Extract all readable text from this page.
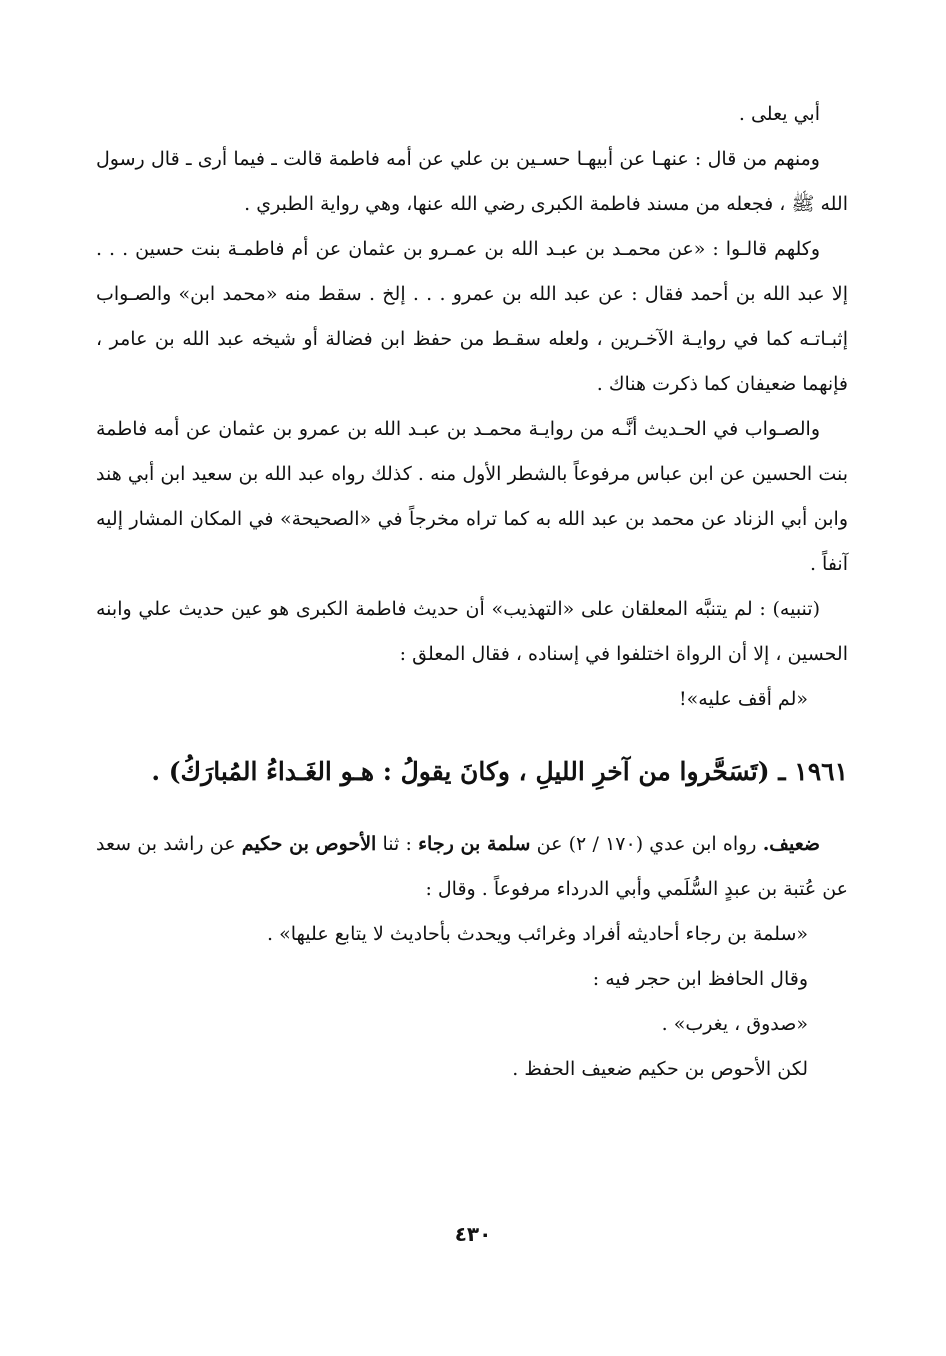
أبي يعلى .

ومنهم من قال : عنهـا عن أبيهـا حسـين بن علي عن أمه فاطمة قالت ـ فيما أرى ـ قال رسول الله ﷺ ، فجعله من مسند فاطمة الكبرى رضي الله عنها، وهي رواية الطبري .

وكلهم قالـوا : «عن محمـد بن عبـد الله بن عمـرو بن عثمان عن أم فاطمـة بنت حسين . . . إلا عبد الله بن أحمد فقال : عن عبد الله بن عمرو . . . إلخ . سقط منه «محمد ابن» والصـواب إثبـاتـه كما في روايـة الآخـرين ، ولعله سقـط من حفظ ابن فضالة أو شيخه عبد الله بن عامر ، فإنهما ضعيفان كما ذكرت هناك .

والصـواب في الحـديث أنَّـه من روايـة محمـد بن عبـد الله بن عمرو بن عثمان عن أمه فاطمة بنت الحسين عن ابن عباس مرفوعاً بالشطر الأول منه . كذلك رواه عبد الله بن سعيد ابن أبي هند وابن أبي الزناد عن محمد بن عبد الله به كما تراه مخرجاً في «الصحيحة» في المكان المشار إليه آنفاً .

(تنبيه) : لم يتنبَّه المعلقان على «التهذيب» أن حديث فاطمة الكبرى هو عين حديث علي وابنه الحسين ، إلا أن الرواة اختلفوا في إسناده ، فقال المعلق :

«لم أقف عليه»!

١٩٦١ ـ (تَسَحَّروا من آخرِ الليلِ ، وكانَ يقولُ : هـو الغَـداءُ المُبارَكُ) .

ضعيف. رواه ابن عدي (١٧٠ / ٢) عن سلمة بن رجاء : ثنا الأحوص بن حكيم عن راشد بن سعد عن عُتبة بن عبدٍ السُّلَمي وأبي الدرداء مرفوعاً . وقال :

«سلمة بن رجاء أحاديثه أفراد وغرائب ويحدث بأحاديث لا يتابع عليها» .

وقال الحافظ ابن حجر فيه :

«صدوق ، يغرب» .

لكن الأحوص بن حكيم ضعيف الحفظ .

٤٣٠
